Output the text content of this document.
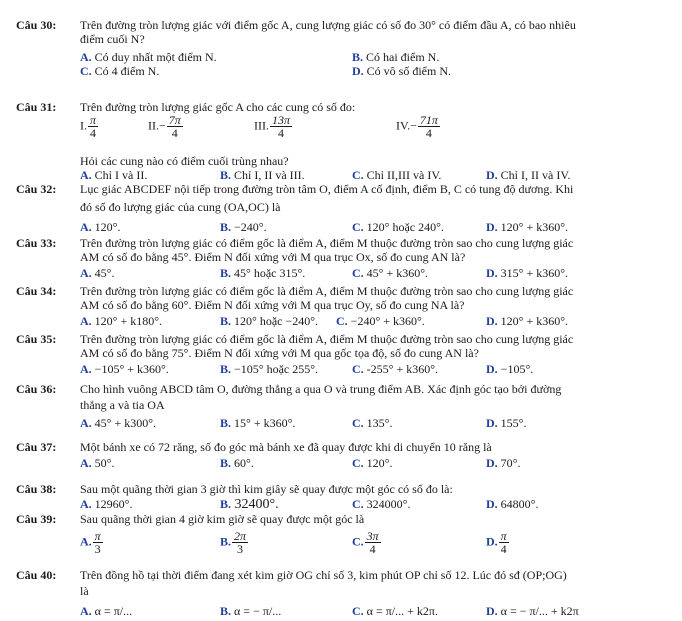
Câu 30: Trên đường tròn lượng giác với điểm gốc A, cung lượng giác có số đo 30° có điểm đầu A, có bao nhiêu
điểm cuối N?
A. Có duy nhất một điểm N.	B. Có hai điểm N.
C. Có 4 điểm N.	D. Có vô số điểm N.
Câu 31: Trên đường tròn lượng giác gốc A cho các cung có số đo:
I. $\frac{\pi}{4}$	$II.- \frac{7\pi}{4}$	III. $\frac{13\pi}{4}$	$IV.- \frac{71\pi}{4}$
Hỏi các cung nào có điểm cuối trùng nhau?
A. Chỉ I và II.	B. Chỉ I, II và III.	C. Chỉ II,III và IV.	D. Chỉ I, II và IV.
Câu 32: Lục giác ABCDEF nội tiếp trong đường tròn tâm O, điểm A cố định, điểm B, C có tung độ dương. Khi
đó số đo lượng giác của cung (OA,OC) là
A. 120°.	B. −240°.	C. 120° hoặc 240°.	D. 120° + k360°.
Câu 33: Trên đường tròn lượng giác có điểm gốc là điểm A, điểm M thuộc đường tròn sao cho cung lượng giác
AM có số đo bằng 45°. Điểm N đối xứng với M qua trục Ox, số đo cung AN là?
A. 45°.	B. 45° hoặc 315°.	C. 45° + k360°.	D. 315° + k360°.
Câu 34: Trên đường tròn lượng giác có điểm gốc là điểm A, điểm M thuộc đường tròn sao cho cung lượng giác
AM có số đo bằng 60°. Điểm N đối xứng với M qua trục Oy, số đo cung NA là?
A. 120° + k180°.	B. 120° hoặc −240°. C. −240° + k360°.	D. 120° + k360°.
Câu 35: Trên đường tròn lượng giác có điểm gốc là điểm A, điểm M thuộc đường tròn sao cho cung lượng giác
AM có số đo bằng 75°. Điểm N đối xứng với M qua gốc tọa độ, số đo cung AN là?
A. −105° + k360°.	B. −105° hoặc 255°.	C. -255° + k360°.	D. −105°.
Câu 36: Cho hình vuông ABCD tâm O, đường thẳng a qua O và trung điểm AB. Xác định góc tạo bởi đường
thẳng a và tia OA
A. 45° + k300°.	B. 15° + k360°.	C. 135°.	D. 155°.
Câu 37: Một bánh xe có 72 răng, số đo góc mà bánh xe đã quay được khi di chuyển 10 răng là
A. 50°.	B. 60°.	C. 120°.	D. 70°.
Câu 38: Sau một quãng thời gian 3 giờ thì kim giây sẽ quay được một góc có số đo là:
A. 12960°.	B. 32400°.	C. 324000°.	D. 64800°.
Câu 39: Sau quãng thời gian 4 giờ kim giờ sẽ quay được một góc là
A. $\frac{\pi}{3}$	B. $\frac{2\pi}{3}$	C. $\frac{3\pi}{4}$	D. $\frac{\pi}{4}$
Câu 40: Trên đồng hồ tại thời điểm đang xét kim giờ OG chỉ số 3, kim phút OP chỉ số 12. Lúc đó sđ (OP;OG)
là
A. α = π/...	B. α = − π/...	C. α = π/... + k2π.	D. α = − π/... + k2π
